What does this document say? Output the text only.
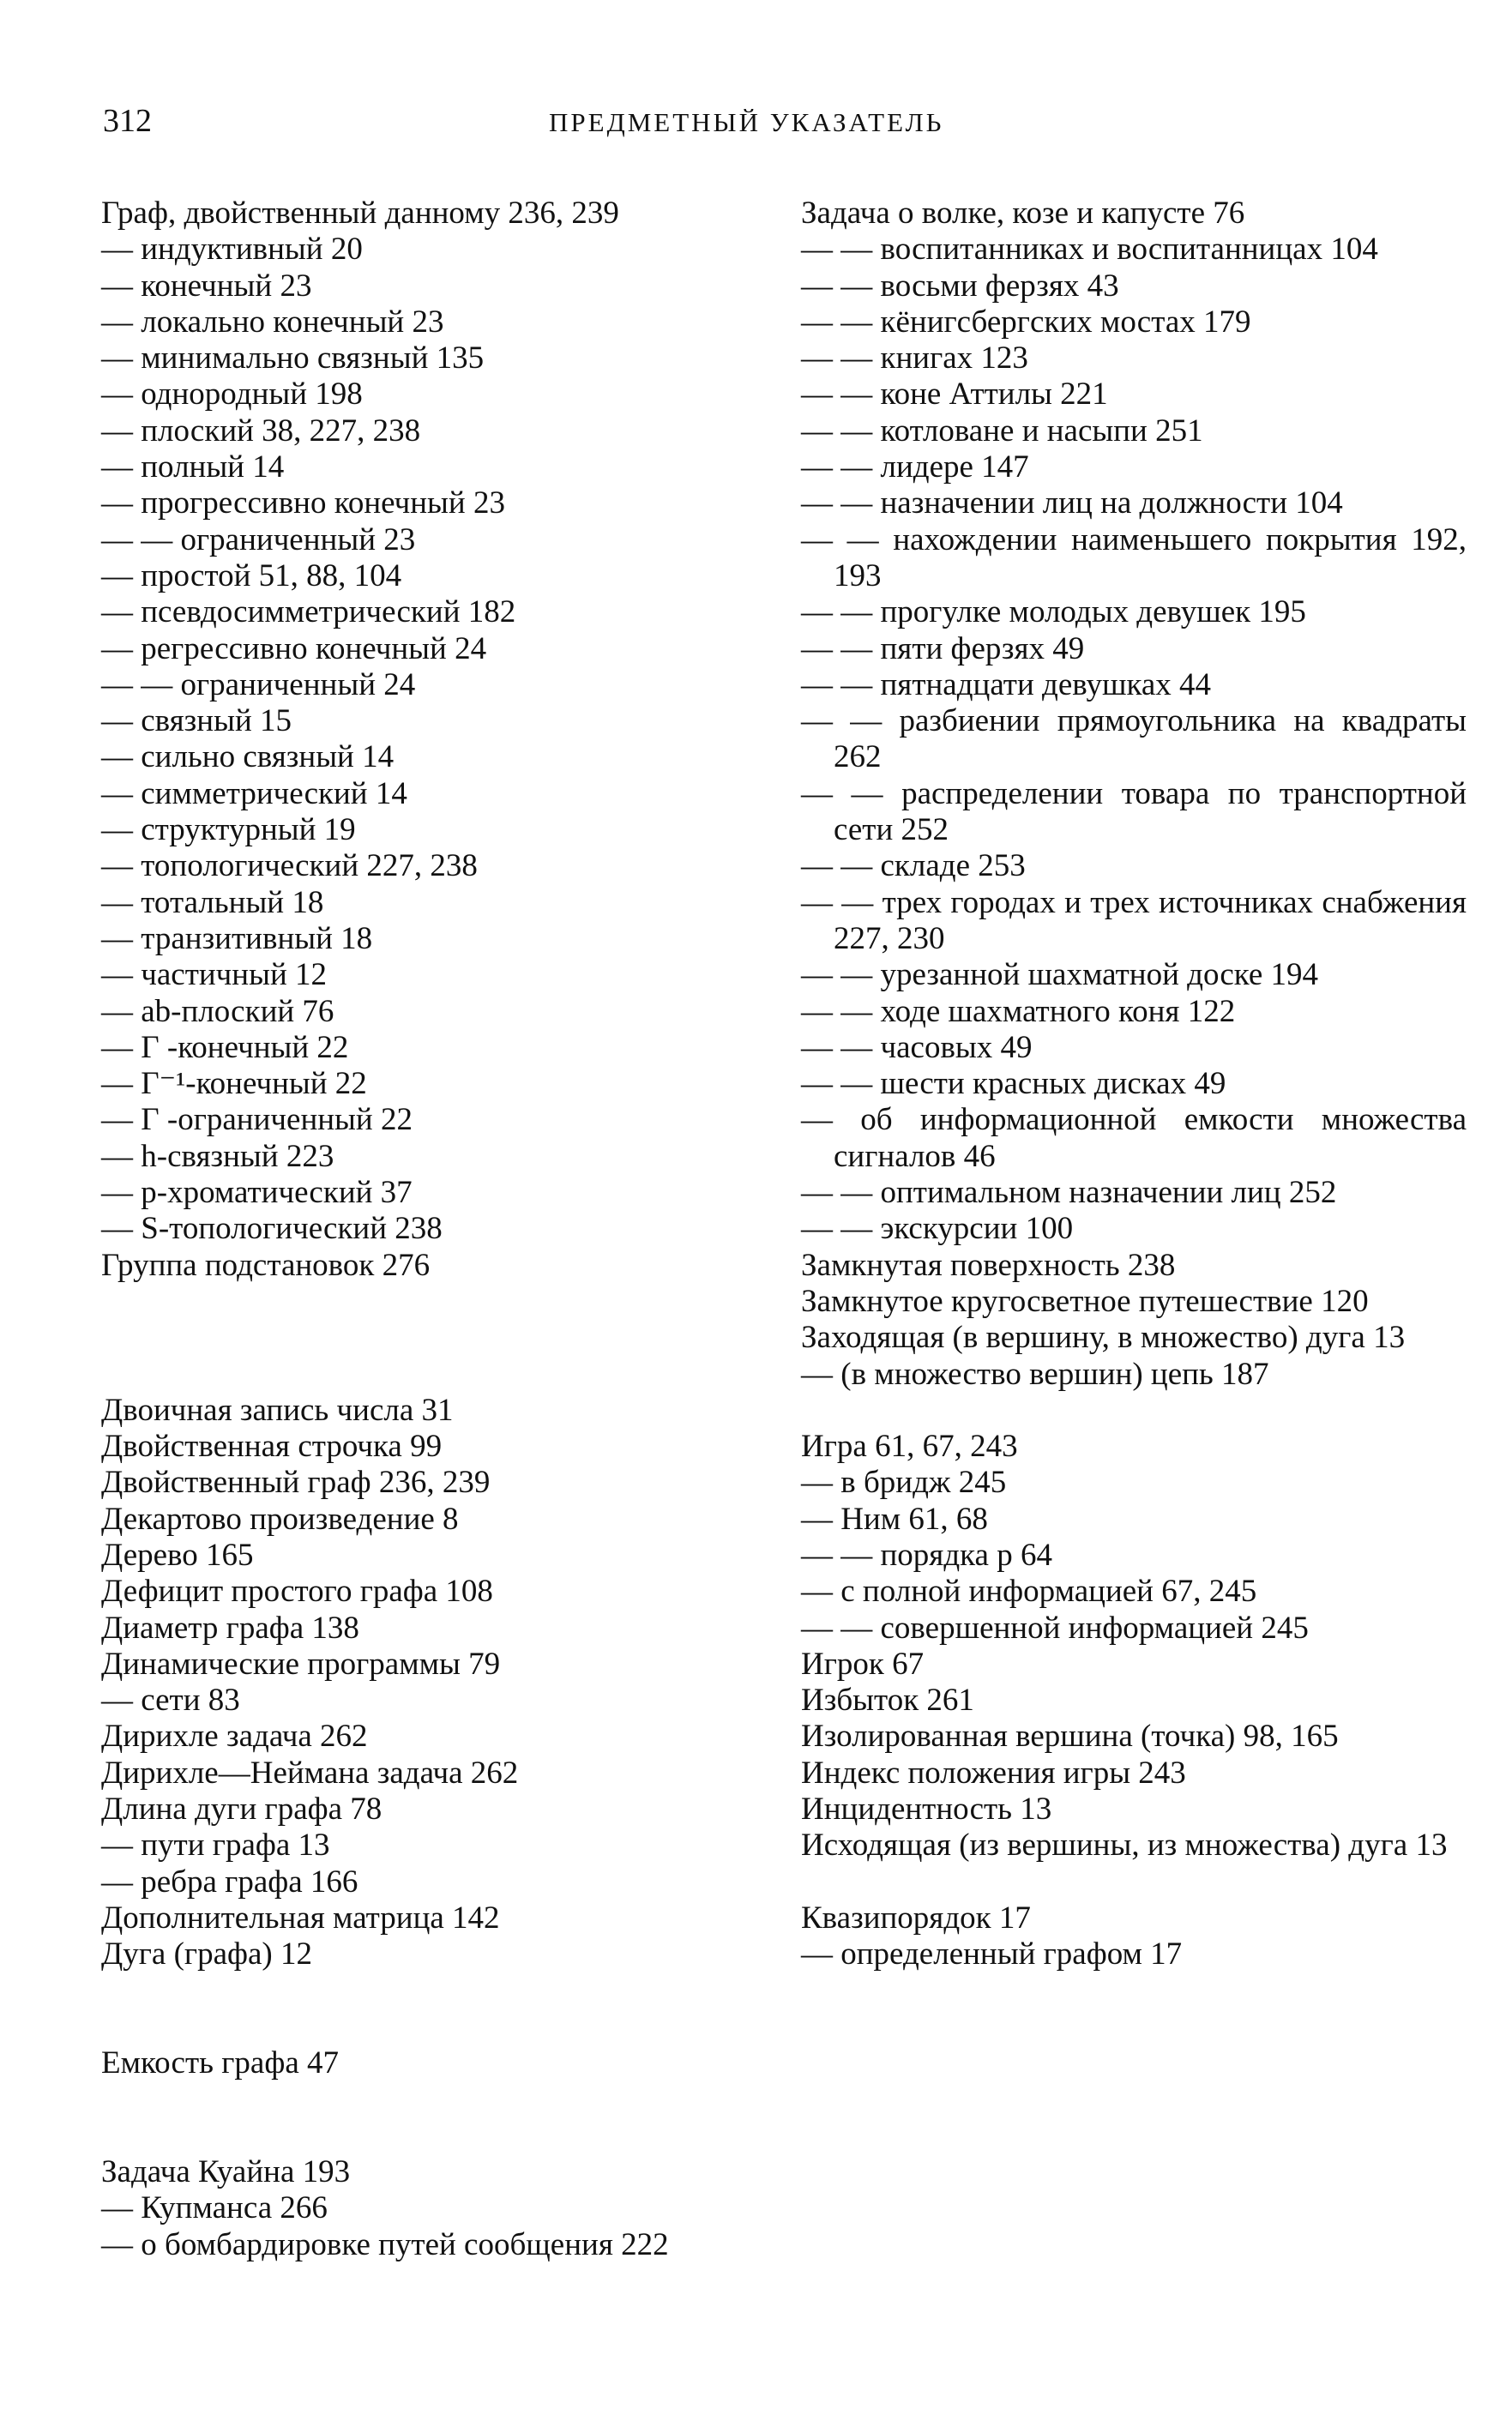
312	ПРЕДМЕТНЫЙ УКАЗАТЕЛЬ
Граф, двойственный данному 236, 239
— индуктивный 20
— конечный 23
— локально конечный 23
— минимально связный 135
— однородный 198
— плоский 38, 227, 238
— полный 14
— прогрессивно конечный 23
— — ограниченный 23
— простой 51, 88, 104
— псевдосимметрический 182
— регрессивно конечный 24
— — ограниченный 24
— связный 15
— сильно связный 14
— симметрический 14
— структурный 19
— топологический 227, 238
— тотальный 18
— транзитивный 18
— частичный 12
— ab-плоский 76
— Г -конечный 22
— Г⁻¹-конечный 22
— Г -ограниченный 22
— h-связный 223
— p-хроматический 37
— S-топологический 238
Группа подстановок 276
Двоичная запись числа 31
Двойственная строчка 99
Двойственный граф 236, 239
Декартово произведение 8
Дерево 165
Дефицит простого графа 108
Диаметр графа 138
Динамические программы 79
— сети 83
Дирихле задача 262
Дирихле—Неймана задача 262
Длина дуги графа 78
— пути графа 13
— ребра графа 166
Дополнительная матрица 142
Дуга (графа) 12
Емкость графа 47
Задача Куайна 193
— Купманса 266
— о бомбардировке путей сообщения 222
Задача о волке, козе и капусте 76
— — воспитанниках и воспитанницах 104
— — восьми ферзях 43
— — кёнигсбергских мостах 179
— — книгах 123
— — коне Аттилы 221
— — котловане и насыпи 251
— — лидере 147
— — назначении лиц на должности 104
— — нахождении наименьшего покрытия 192, 193
— — прогулке молодых девушек 195
— — пяти ферзях 49
— — пятнадцати девушках 44
— — разбиении прямоугольника на квадраты 262
— — распределении товара по транспортной сети 252
— — складе 253
— — трех городах и трех источниках снабжения 227, 230
— — урезанной шахматной доске 194
— — ходе шахматного коня 122
— — часовых 49
— — шести красных дисках 49
— об информационной емкости множества сигналов 46
— — оптимальном назначении лиц 252
— — экскурсии 100
Замкнутая поверхность 238
Замкнутое кругосветное путешествие 120
Заходящая (в вершину, в множество) дуга 13
— (в множество вершин) цепь 187
Игра 61, 67, 243
— в бридж 245
— Ним 61, 68
— — порядка p 64
— с полной информацией 67, 245
— — совершенной информацией 245
Игрок 67
Избыток 261
Изолированная вершина (точка) 98, 165
Индекс положения игры 243
Инцидентность 13
Исходящая (из вершины, из множества) дуга 13
Квазипорядок 17
— определенный графом 17
